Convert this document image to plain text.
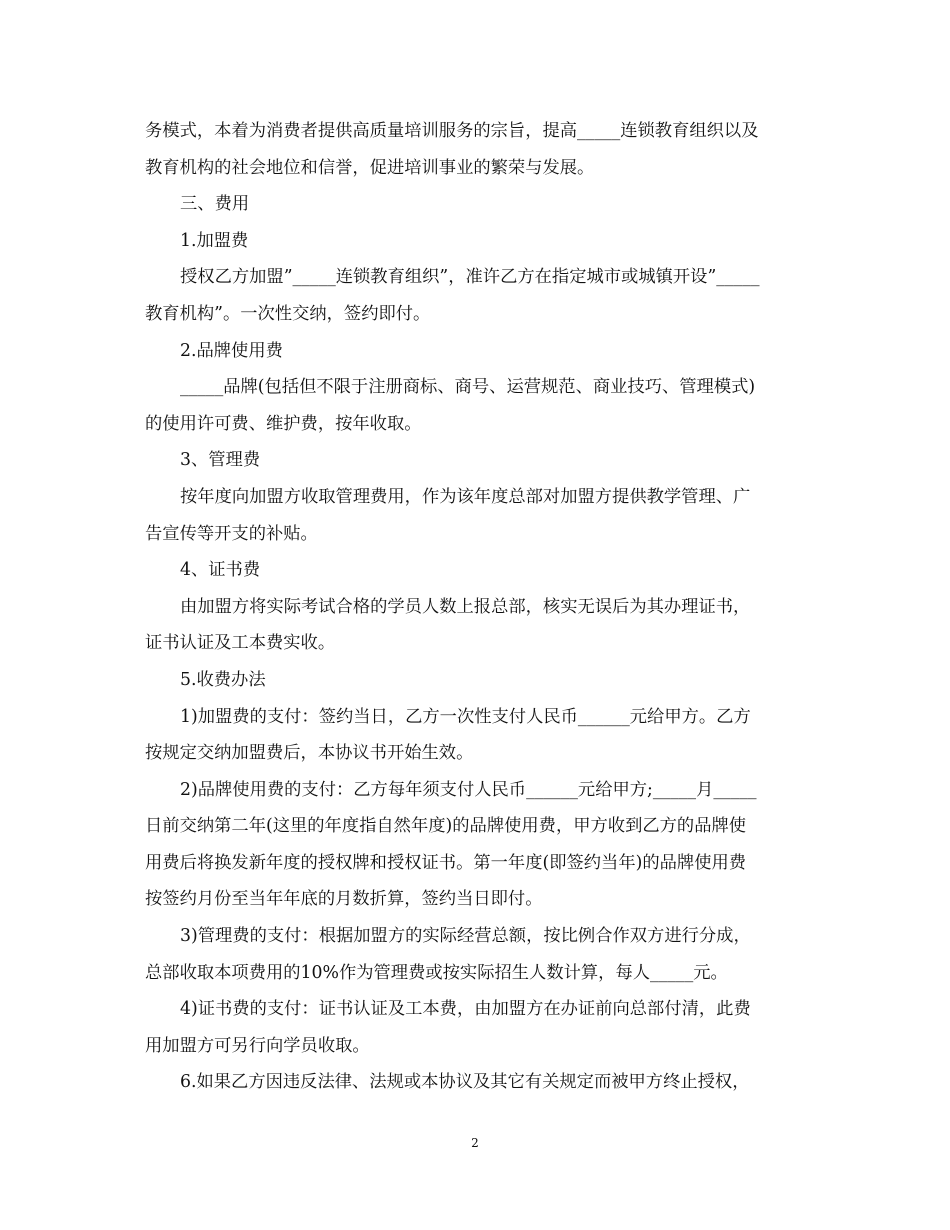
务模式，本着为消费者提供高质量培训服务的宗旨，提高_____连锁教育组织以及
教育机构的社会地位和信誉，促进培训事业的繁荣与发展。
三、费用
1.加盟费
授权乙方加盟”_____连锁教育组织”，准许乙方在指定城市或城镇开设”_____
教育机构”。一次性交纳，签约即付。
2.品牌使用费
_____品牌(包括但不限于注册商标、商号、运营规范、商业技巧、管理模式)
的使用许可费、维护费，按年收取。
3、管理费
按年度向加盟方收取管理费用，作为该年度总部对加盟方提供教学管理、广
告宣传等开支的补贴。
4、证书费
由加盟方将实际考试合格的学员人数上报总部，核实无误后为其办理证书，
证书认证及工本费实收。
5.收费办法
1)加盟费的支付：签约当日，乙方一次性支付人民币______元给甲方。乙方
按规定交纳加盟费后，本协议书开始生效。
2)品牌使用费的支付：乙方每年须支付人民币______元给甲方;_____月_____
日前交纳第二年(这里的年度指自然年度)的品牌使用费，甲方收到乙方的品牌使
用费后将换发新年度的授权牌和授权证书。第一年度(即签约当年)的品牌使用费
按签约月份至当年年底的月数折算，签约当日即付。
3)管理费的支付：根据加盟方的实际经营总额，按比例合作双方进行分成，
总部收取本项费用的10%作为管理费或按实际招生人数计算，每人_____元。
4)证书费的支付：证书认证及工本费，由加盟方在办证前向总部付清，此费
用加盟方可另行向学员收取。
6.如果乙方因违反法律、法规或本协议及其它有关规定而被甲方终止授权，
2
